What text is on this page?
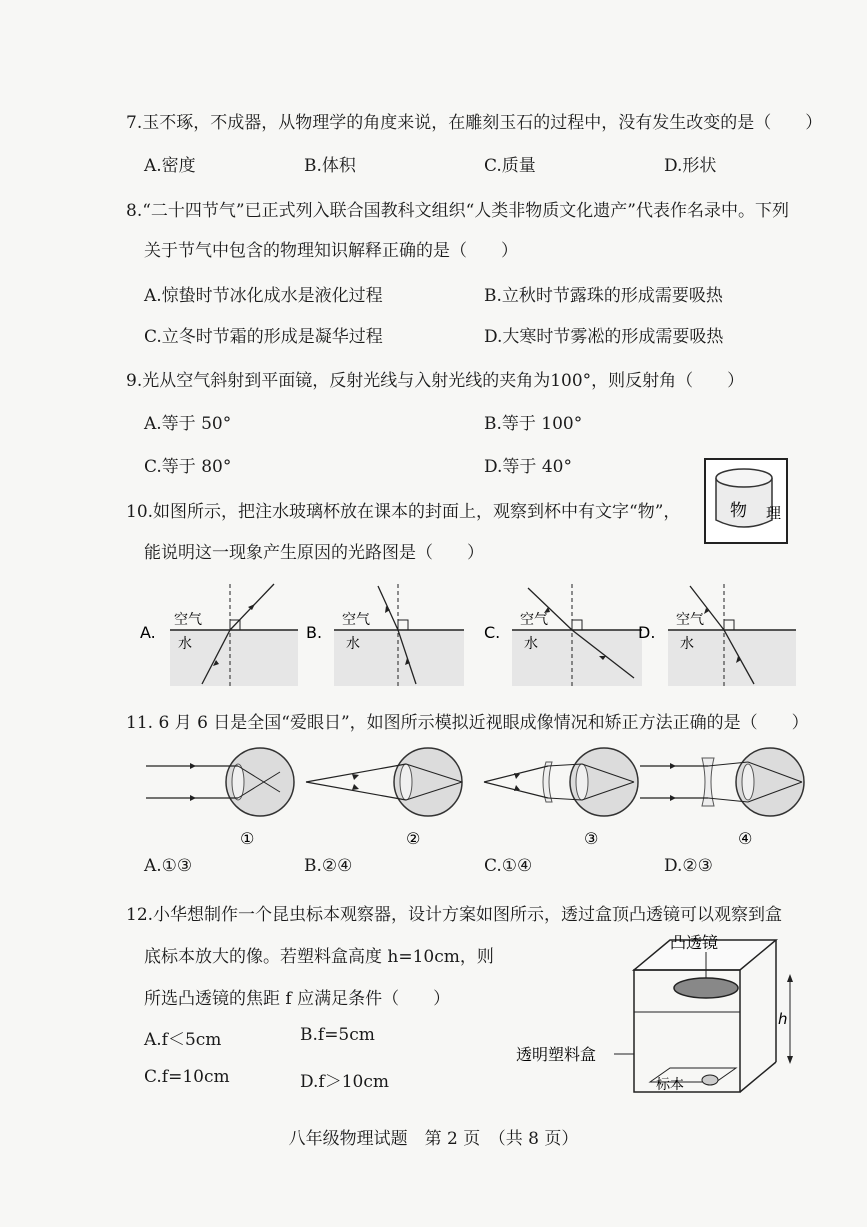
7.玉不琢，不成器，从物理学的角度来说，在雕刻玉石的过程中，没有发生改变的是（　　）
A.密度	B.体积	C.质量	D.形状
8.“二十四节气”已正式列入联合国教科文组织“人类非物质文化遗产”代表作名录中。下列
关于节气中包含的物理知识解释正确的是（　　）
A.惊蛰时节冰化成水是液化过程	B.立秋时节露珠的形成需要吸热
C.立冬时节霜的形成是凝华过程	D.大寒时节雾凇的形成需要吸热
9.光从空气斜射到平面镜，反射光线与入射光线的夹角为100°，则反射角（　　）
A.等于 50°	B.等于 100°
C.等于 80°	D.等于 40°
10.如图所示，把注水玻璃杯放在课本的封面上，观察到杯中有文字“物”，
能说明这一现象产生原因的光路图是（　　）
物 理
A.
空气
水
B.
空气
水
C.
空气
水
D.
空气
水
11. 6 月 6 日是全国“爱眼日”，如图所示模拟近视眼成像情况和矫正方法正确的是（　　）
①	②	③	④
A.①③	B.②④	C.①④	D.②③
12.小华想制作一个昆虫标本观察器，设计方案如图所示，透过盒顶凸透镜可以观察到盒
底标本放大的像。若塑料盒高度 h=10cm，则
所选凸透镜的焦距 f 应满足条件（　　）
A.f＜5cm	B.f=5cm
C.f=10cm	D.f＞10cm
凸透镜
标本
h
透明塑料盒
八年级物理试题　第 2 页　（共 8 页）
